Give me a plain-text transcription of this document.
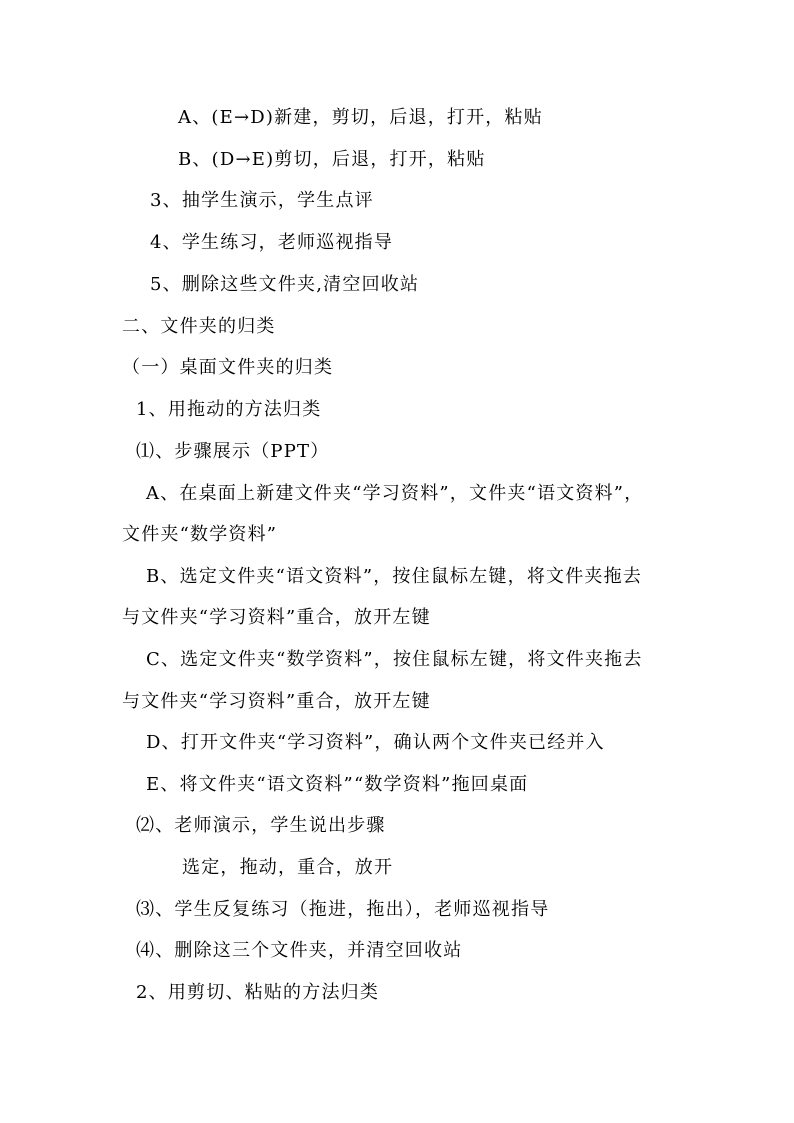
A、(E→D)新建，剪切，后退，打开，粘贴
B、(D→E)剪切，后退，打开，粘贴
3、抽学生演示，学生点评
4、学生练习，老师巡视指导
5、删除这些文件夹,清空回收站
二、文件夹的归类
（一）桌面文件夹的归类
1、用拖动的方法归类
⑴、步骤展示（PPT）
A、在桌面上新建文件夹“学习资料”，文件夹“语文资料”，
文件夹“数学资料”
B、选定文件夹“语文资料”，按住鼠标左键，将文件夹拖去
与文件夹“学习资料”重合，放开左键
C、选定文件夹“数学资料”，按住鼠标左键，将文件夹拖去
与文件夹“学习资料”重合，放开左键
D、打开文件夹“学习资料”，确认两个文件夹已经并入
E、将文件夹“语文资料”“数学资料”拖回桌面
⑵、老师演示，学生说出步骤
选定，拖动，重合，放开
⑶、学生反复练习（拖进，拖出），老师巡视指导
⑷、删除这三个文件夹，并清空回收站
2、用剪切、粘贴的方法归类
